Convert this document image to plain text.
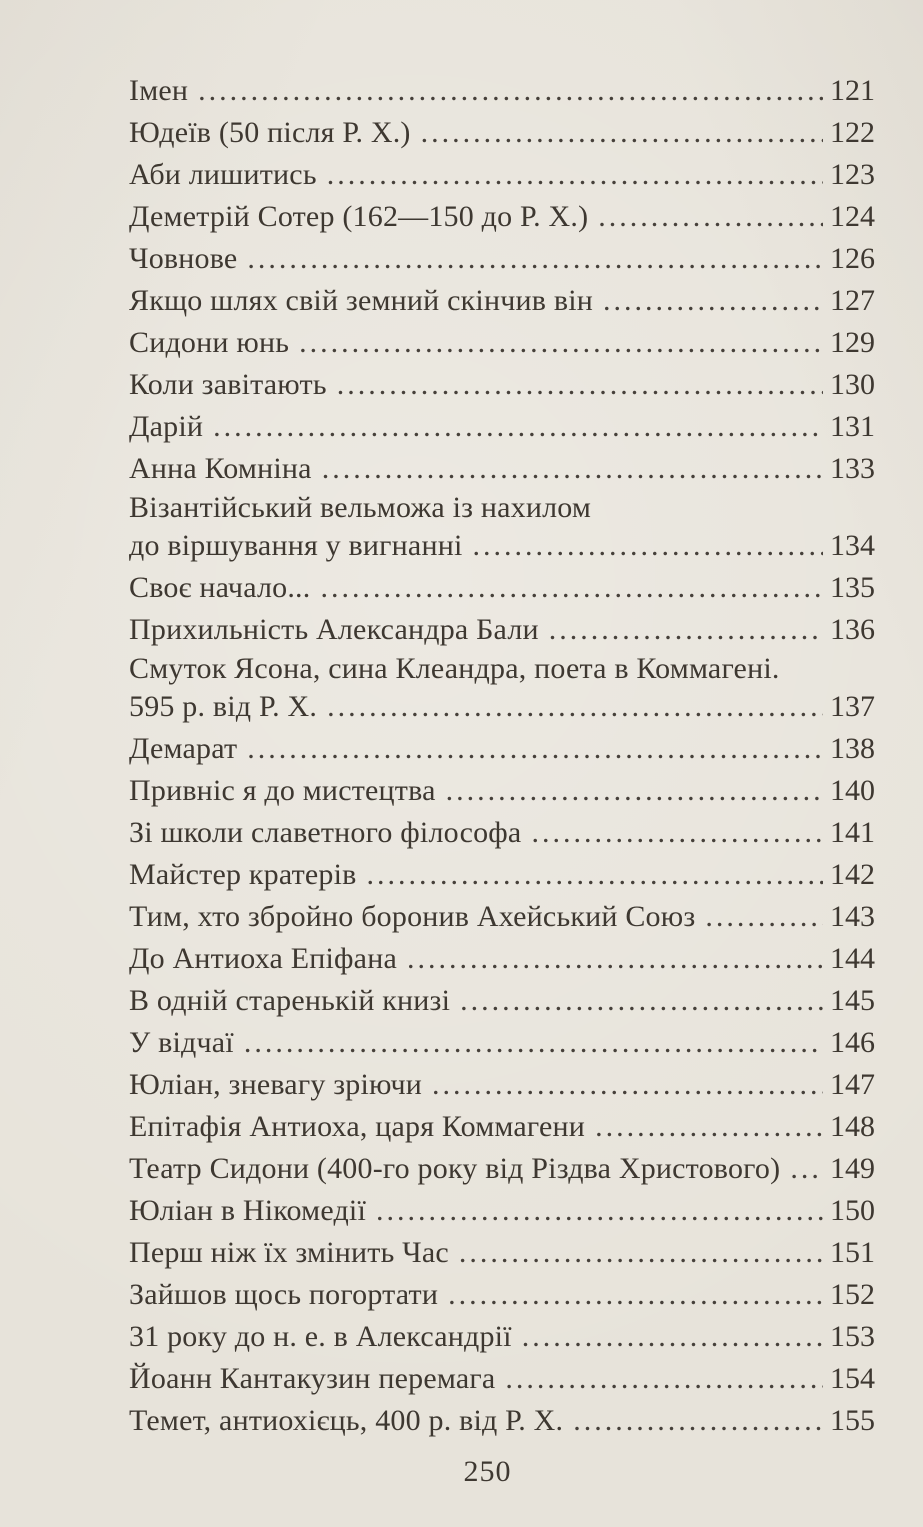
Імен .....	121
Юдеїв (50 після Р. Х.) .....	122
Аби лишитись .....	123
Деметрій Сотер (162—150 до Р. Х.) .....	124
Човнове .....	126
Якщо шлях свій земний скінчив він .....	127
Сидони юнь .....	129
Коли завітають .....	130
Дарій .....	131
Анна Комніна .....	133
Візантійський вельможа із нахилом
до віршування у вигнанні .....	134
Своє начало... .....	135
Прихильність Александра Бали .....	136
Смуток Ясона, сина Клеандра, поета в Коммагені.
595 р. від Р. Х. .....	137
Демарат .....	138
Привніс я до мистецтва .....	140
Зі школи славетного філософа .....	141
Майстер кратерів .....	142
Тим, хто збройно боронив Ахейський Союз .....	143
До Антиоха Епіфана .....	144
В одній старенькій книзі .....	145
У відчаї .....	146
Юліан, зневагу зріючи .....	147
Епітафія Антиоха, царя Коммагени .....	148
Театр Сидони (400-го року від Різдва Христового) ..... 149
Юліан в Нікомедії .....	150
Перш ніж їх змінить Час .....	151
Зайшов щось погортати .....	152
31 року до н. е. в Александрії .....	153
Йоанн Кантакузин перемага .....	154
Темет, антиохієць, 400 р. від Р. Х. .....	155
250
